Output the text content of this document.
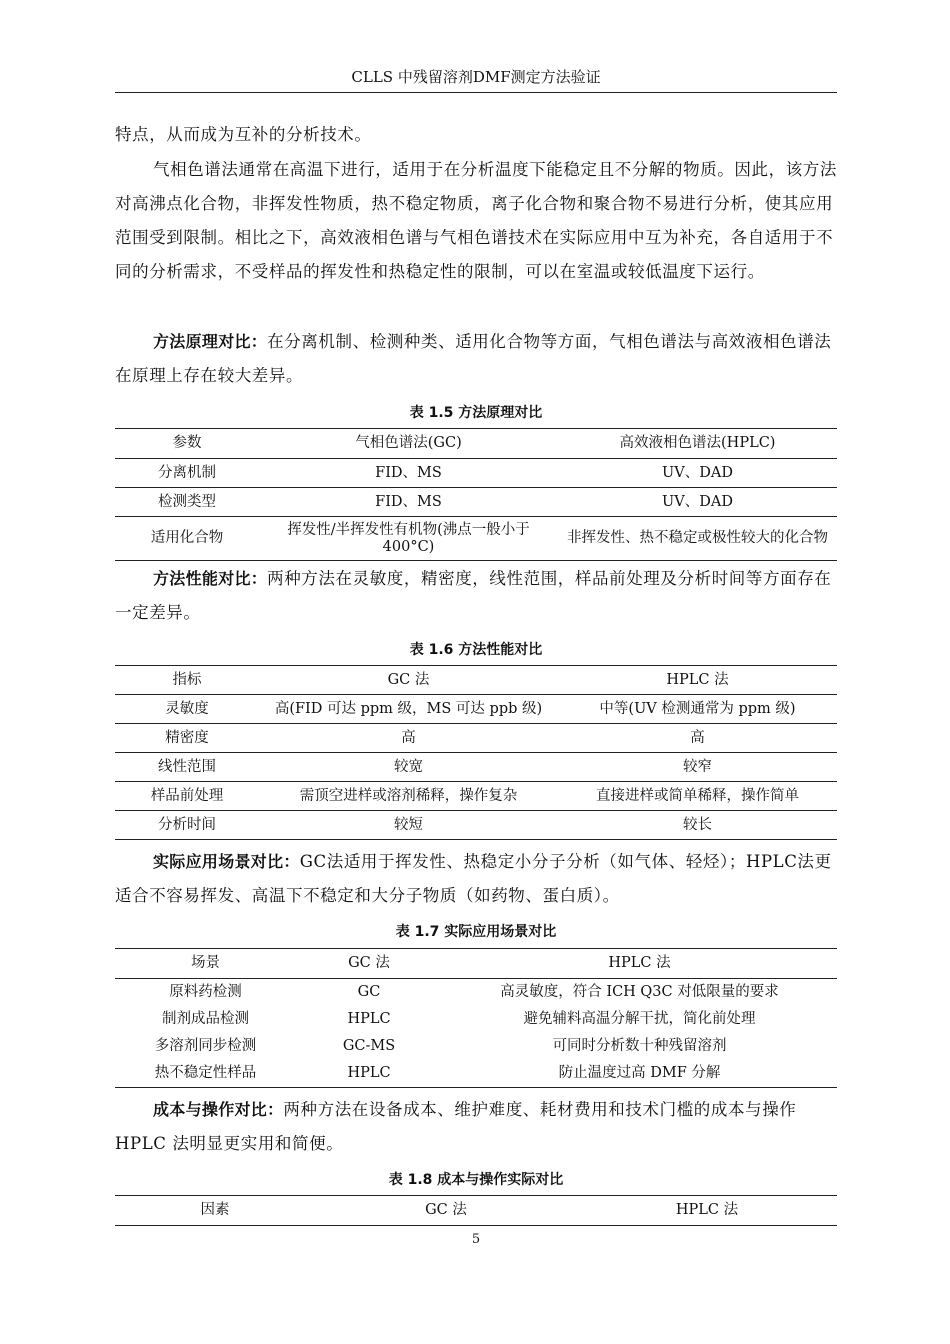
CLLS 中残留溶剂DMF测定方法验证

特点，从而成为互补的分析技术。

气相色谱法通常在高温下进行，适用于在分析温度下能稳定且不分解的物质。因此，该方法对高沸点化合物，非挥发性物质，热不稳定物质，离子化合物和聚合物不易进行分析，使其应用范围受到限制。相比之下，高效液相色谱与气相色谱技术在实际应用中互为补充，各自适用于不同的分析需求，不受样品的挥发性和热稳定性的限制，可以在室温或较低温度下运行。

方法原理对比：在分离机制、检测种类、适用化合物等方面，气相色谱法与高效液相色谱法在原理上存在较大差异。

表 1.5 方法原理对比
参数	气相色谱法(GC)	高效液相色谱法(HPLC)
分离机制	FID、MS	UV、DAD
检测类型	FID、MS	UV、DAD
适用化合物	挥发性/半挥发性有机物(沸点一般小于400°C)	非挥发性、热不稳定或极性较大的化合物

方法性能对比：两种方法在灵敏度，精密度，线性范围，样品前处理及分析时间等方面存在一定差异。

表 1.6 方法性能对比
指标	GC 法	HPLC 法
灵敏度	高(FID 可达 ppm 级，MS 可达 ppb 级)	中等(UV 检测通常为 ppm 级)
精密度	高	高
线性范围	较宽	较窄
样品前处理	需顶空进样或溶剂稀释，操作复杂	直接进样或简单稀释，操作简单
分析时间	较短	较长

实际应用场景对比：GC法适用于挥发性、热稳定小分子分析（如气体、轻烃）；HPLC法更适合不容易挥发、高温下不稳定和大分子物质（如药物、蛋白质）。

表 1.7 实际应用场景对比
场景	GC 法	HPLC 法
原料药检测	GC	高灵敏度，符合 ICH Q3C 对低限量的要求
制剂成品检测	HPLC	避免辅料高温分解干扰，简化前处理
多溶剂同步检测	GC-MS	可同时分析数十种残留溶剂
热不稳定性样品	HPLC	防止温度过高 DMF 分解

成本与操作对比：两种方法在设备成本、维护难度、耗材费用和技术门槛的成本与操作 HPLC 法明显更实用和简便。

表 1.8 成本与操作实际对比
因素	GC 法	HPLC 法
5
